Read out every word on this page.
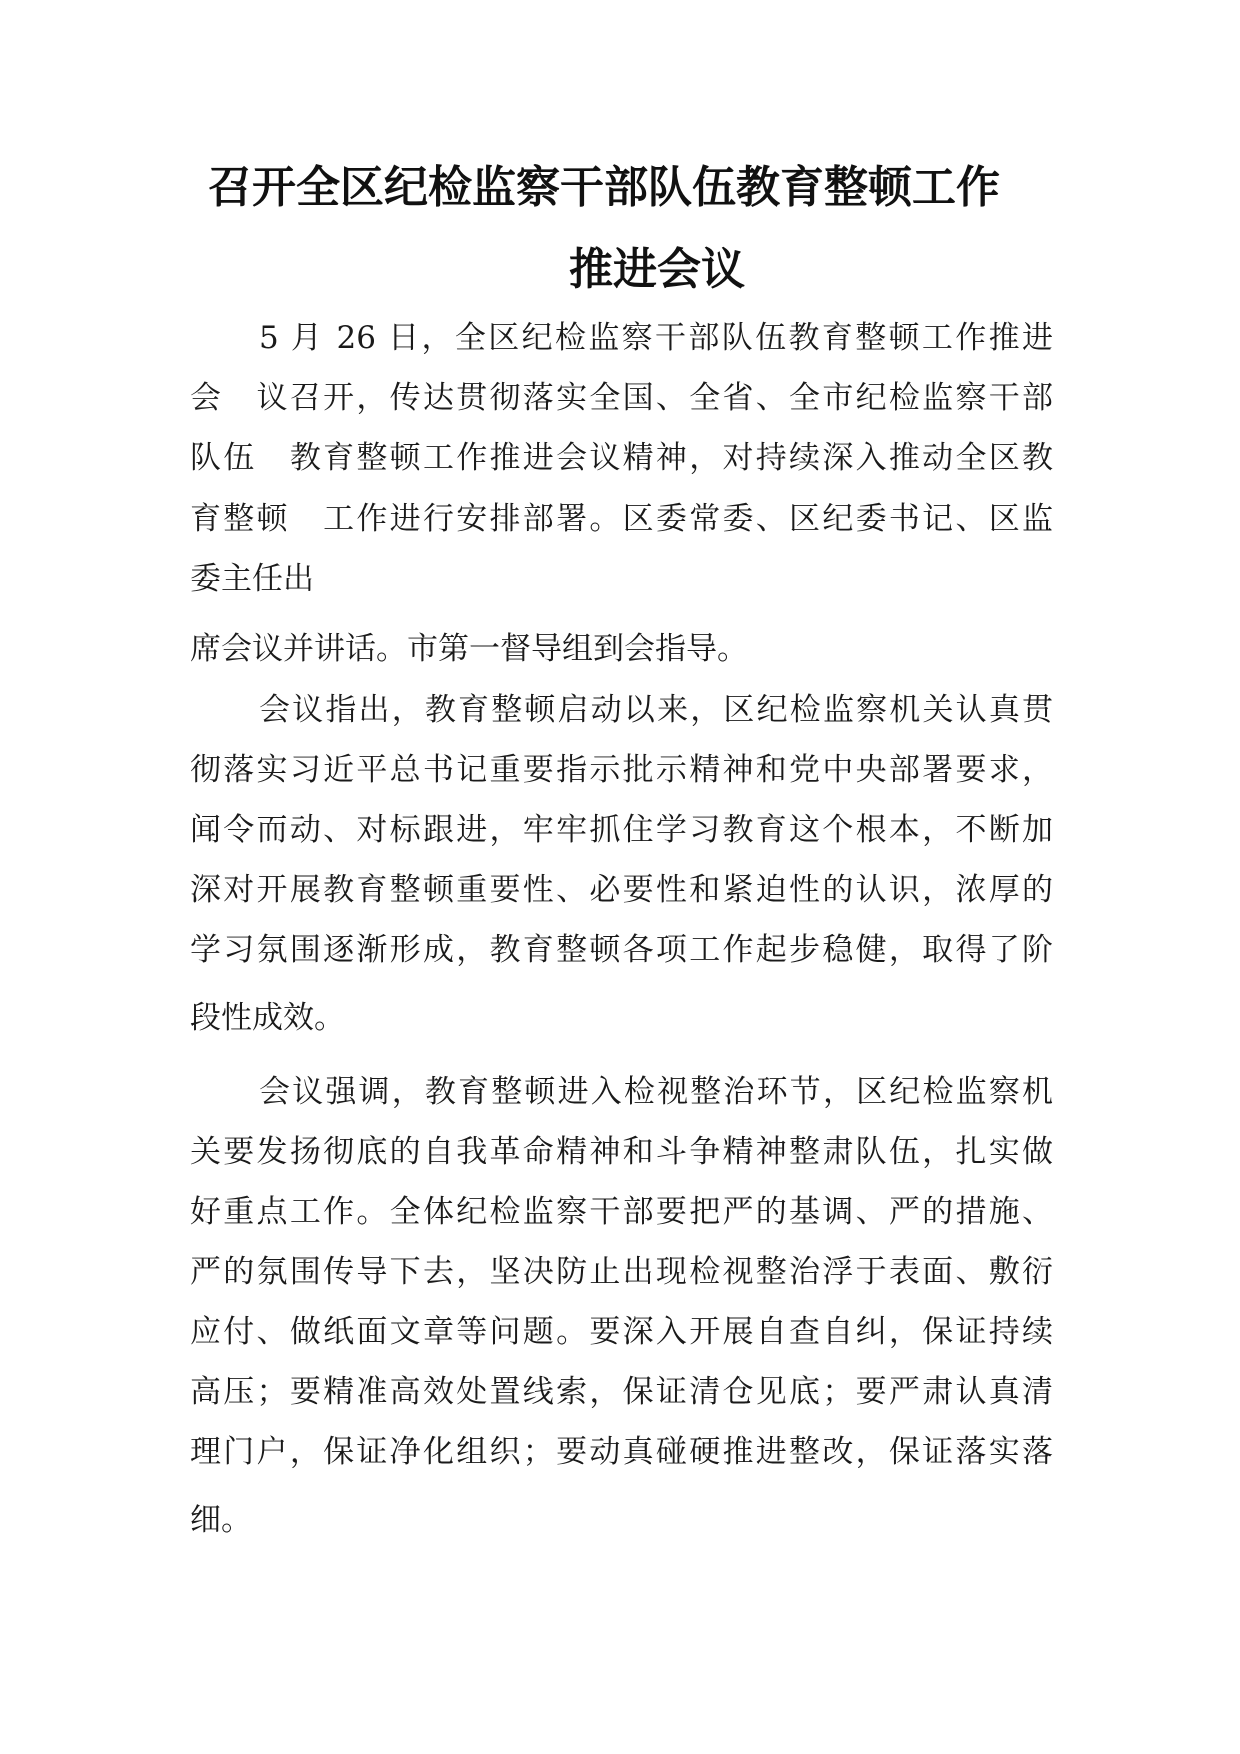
召开全区纪检监察干部队伍教育整顿工作
推进会议
5 月 26 日，全区纪检监察干部队伍教育整顿工作推进
会　议召开，传达贯彻落实全国、全省、全市纪检监察干部
队伍　教育整顿工作推进会议精神，对持续深入推动全区教
育整顿　工作进行安排部署。区委常委、区纪委书记、区监
委主任出
席会议并讲话。市第一督导组到会指导。
会议指出，教育整顿启动以来，区纪检监察机关认真贯
彻落实习近平总书记重要指示批示精神和党中央部署要求，
闻令而动、对标跟进，牢牢抓住学习教育这个根本，不断加
深对开展教育整顿重要性、必要性和紧迫性的认识，浓厚的
学习氛围逐渐形成，教育整顿各项工作起步稳健，取得了阶
段性成效。
会议强调，教育整顿进入检视整治环节，区纪检监察机
关要发扬彻底的自我革命精神和斗争精神整肃队伍，扎实做
好重点工作。全体纪检监察干部要把严的基调、严的措施、
严的氛围传导下去，坚决防止出现检视整治浮于表面、敷衍
应付、做纸面文章等问题。要深入开展自查自纠，保证持续
高压；要精准高效处置线索，保证清仓见底；要严肃认真清
理门户，保证净化组织；要动真碰硬推进整改，保证落实落
细。
